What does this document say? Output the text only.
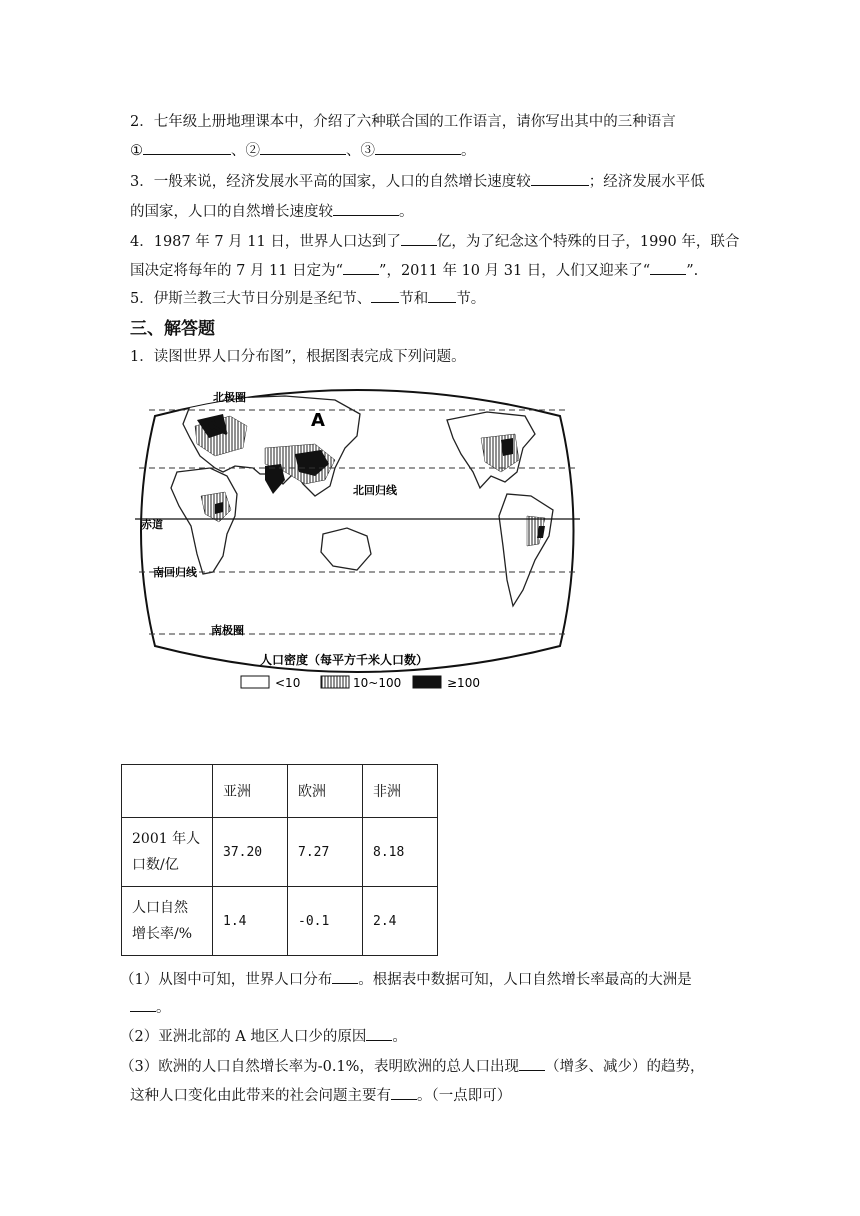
2．七年级上册地理课本中，介绍了六种联合国的工作语言，请你写出其中的三种语言
①	、②	、③	。
3．一般来说，经济发展水平高的国家，人口的自然增长速度较	；经济发展水平低
的国家，人口的自然增长速度较	。
4．1987 年 7 月 11 日，世界人口达到了 亿，为了纪念这个特殊的日子，1990 年，联合
国决定将每年的 7 月 11 日定为“ ”，2011 年 10 月 31 日，人们又迎来了“ ”.
5．伊斯兰教三大节日分别是圣纪节、 节和 节。
三、解答题
1．读图世界人口分布图”，根据图表完成下列问题。
北极圈
A
北回归线
赤道
南回归线
南极圈
人口密度（每平方千米人口数）
<10	10~100	≥100
	亚洲	欧洲	非洲
2001 年人
口数/亿	37.20	7.27	8.18
人口自然
增长率/%	1.4	-0.1	2.4
（1）从图中可知，世界人口分布 。根据表中数据可知，人口自然增长率最高的大洲是
。
（2）亚洲北部的 A 地区人口少的原因 。
（3）欧洲的人口自然增长率为-0.1%，表明欧洲的总人口出现 （增多、减少）的趋势，
这种人口变化由此带来的社会问题主要有 。（一点即可）
